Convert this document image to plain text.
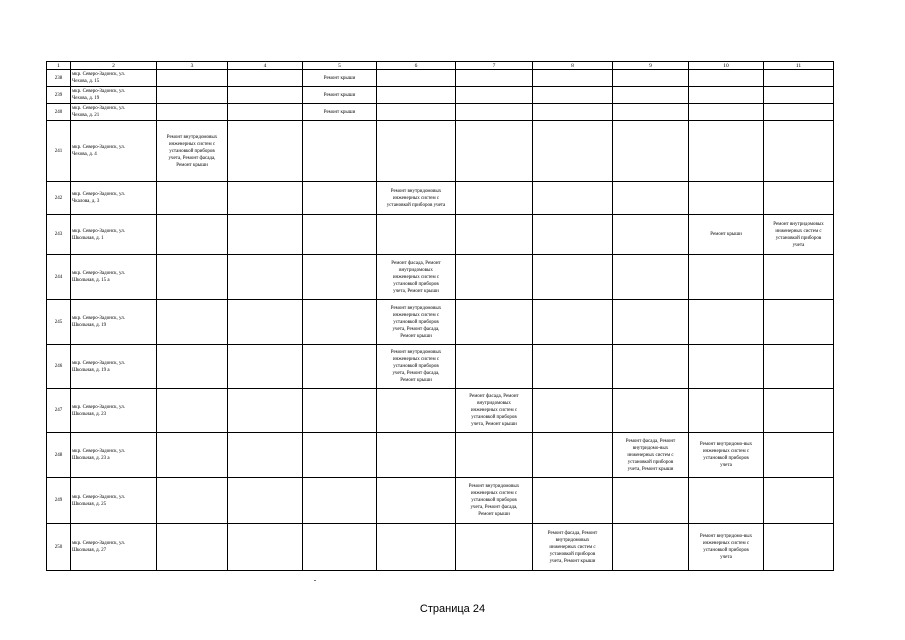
1	2	3	4	5	6	7	8	9	10	11
238	мкр. Северо-Задонск, ул.
Чехова, д. 15			Ремонт крыши						
239	мкр. Северо-Задонск, ул.
Чехова, д. 19			Ремонт крыши						
240	мкр. Северо-Задонск, ул.
Чехова, д. 21			Ремонт крыши						
241	мкр. Северо-Задонск, ул.
Чехова, д. 4	Ремонт внутридомовых
инженерных систем с
установкой приборов
учета, Ремонт фасада,
Ремонт крыши								
242	мкр. Северо-Задонск, ул.
Чкалова, д. 3				Ремонт внутридомовых
инженерных систем с
установкой приборов учета					
243	мкр. Северо-Задонск, ул.
Школьная, д. 1								Ремонт крыши	Ремонт внутридомовых
инженерных систем с
установкой приборов
учета
244	мкр. Северо-Задонск, ул.
Школьная, д. 15 а				Ремонт фасада, Ремонт
внутридомовых
инженерных систем с
установкой приборов
учета, Ремонт крыши					
245	мкр. Северо-Задонск, ул.
Школьная, д. 19				Ремонт внутридомовых
инженерных систем с
установкой приборов
учета, Ремонт фасада,
Ремонт крыши					
246	мкр. Северо-Задонск, ул.
Школьная, д. 19 а				Ремонт внутридомовых
инженерных систем с
установкой приборов
учета, Ремонт фасада,
Ремонт крыши					
247	мкр. Северо-Задонск, ул.
Школьная, д. 23					Ремонт фасада, Ремонт
внутридомовых
инженерных систем с
установкой приборов
учета, Ремонт крыши				
248	мкр. Северо-Задонск, ул.
Школьная, д. 23 а							Ремонт фасада, Ремонт
внутридомо-вых
инженерных систем с
установкой приборов
учета, Ремонт крыши	Ремонт внутридомо-вых
инженерных систем с
установкой приборов
учета	
249	мкр. Северо-Задонск, ул.
Школьная, д. 25					Ремонт внутридомовых
инженерных систем с
установкой приборов
учета, Ремонт фасада,
Ремонт крыши				
250	мкр. Северо-Задонск, ул.
Школьная, д. 27						Ремонт фасада, Ремонт
внутридомовых
инженерных систем с
установкой приборов
учета, Ремонт крыши		Ремонт внутридомо-вых
инженерных систем с
установкой приборов
учета	
Страница 24
